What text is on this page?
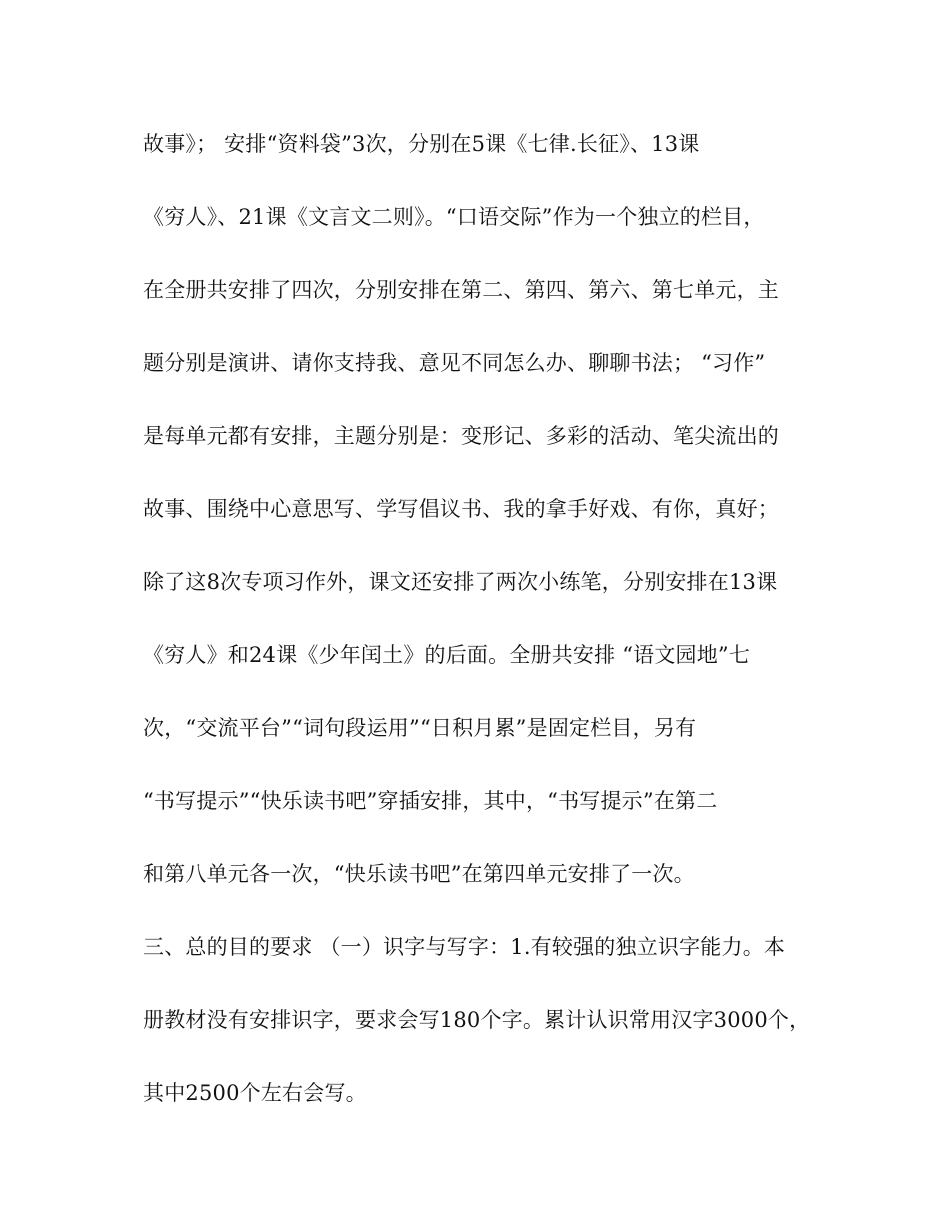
故事》； 安排“资料袋”3次，分别在5课《七律.长征》、13课
《穷人》、21课《文言文二则》。“口语交际”作为一个独立的栏目，
在全册共安排了四次，分别安排在第二、第四、第六、第七单元，主
题分别是演讲、请你支持我、意见不同怎么办、聊聊书法； “习作”
是每单元都有安排，主题分别是：变形记、多彩的活动、笔尖流出的
故事、围绕中心意思写、学写倡议书、我的拿手好戏、有你，真好；
除了这8次专项习作外，课文还安排了两次小练笔，分别安排在13课
《穷人》和24课《少年闰土》的后面。全册共安排 “语文园地”七
次，“交流平台”“词句段运用”“日积月累”是固定栏目，另有
“书写提示”“快乐读书吧”穿插安排，其中，“书写提示”在第二
和第八单元各一次，“快乐读书吧”在第四单元安排了一次。
三、总的目的要求 （一）识字与写字：1.有较强的独立识字能力。本
册教材没有安排识字，要求会写180个字。累计认识常用汉字3000个，
其中2500个左右会写。
